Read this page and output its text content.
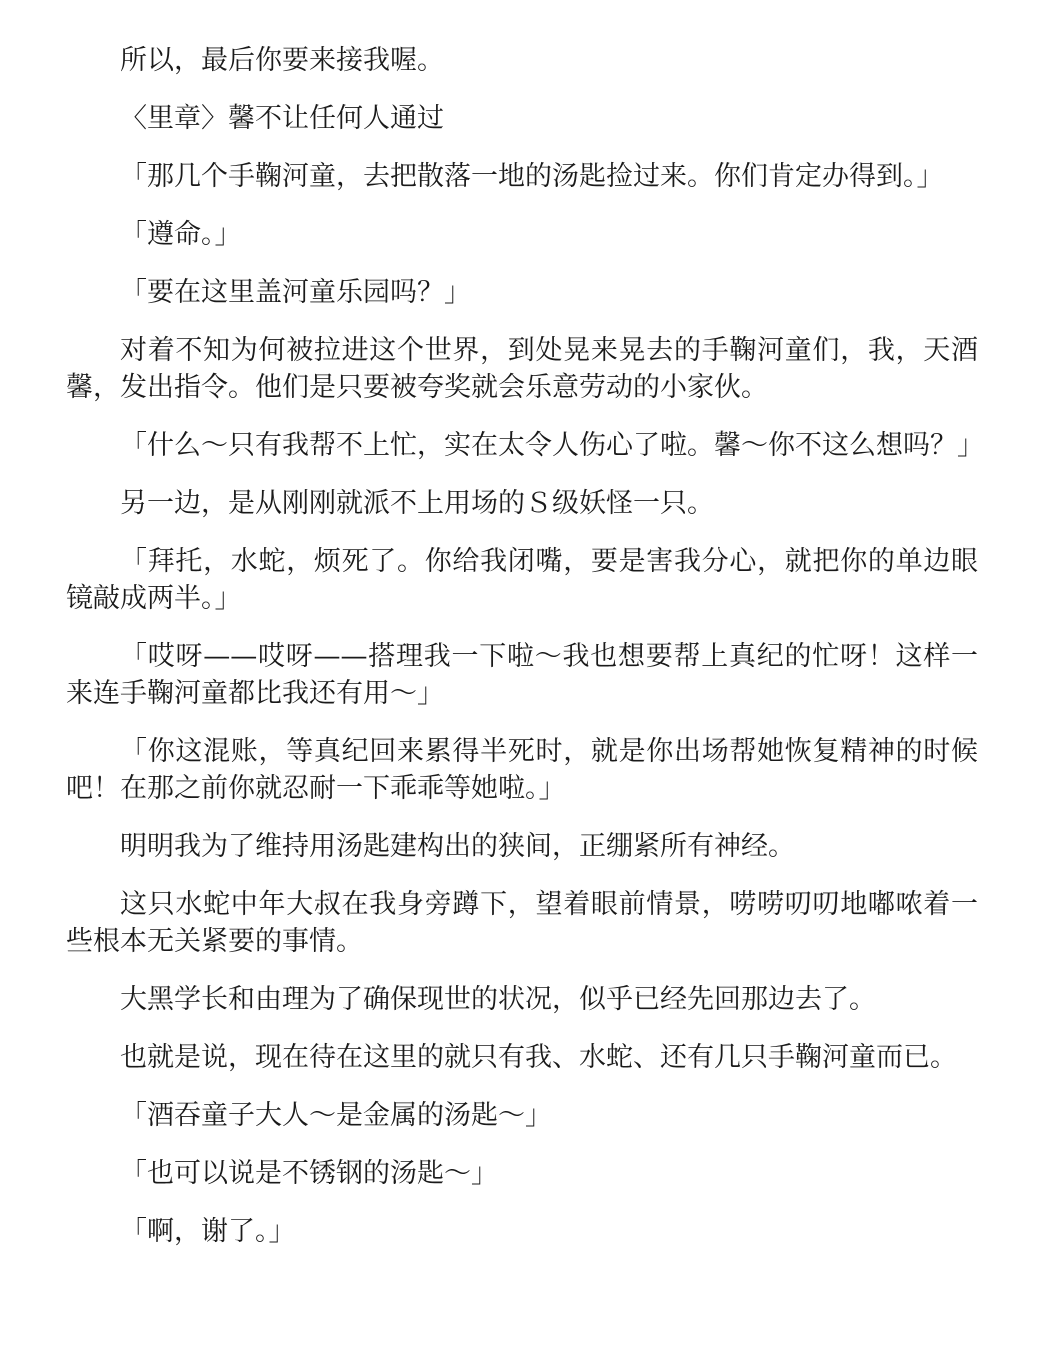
所以，最后你要来接我喔。

〈里章〉馨不让任何人通过

「那几个手鞠河童，去把散落一地的汤匙捡过来。你们肯定办得到。」

「遵命。」

「要在这里盖河童乐园吗？」

对着不知为何被拉进这个世界，到处晃来晃去的手鞠河童们，我，天酒馨，发出指令。他们是只要被夸奖就会乐意劳动的小家伙。

「什么～只有我帮不上忙，实在太令人伤心了啦。馨～你不这么想吗？」

另一边，是从刚刚就派不上用场的Ｓ级妖怪一只。

「拜托，水蛇，烦死了。你给我闭嘴，要是害我分心，就把你的单边眼镜敲成两半。」

「哎呀——哎呀——搭理我一下啦～我也想要帮上真纪的忙呀！这样一来连手鞠河童都比我还有用～」

「你这混账，等真纪回来累得半死时，就是你出场帮她恢复精神的时候吧！在那之前你就忍耐一下乖乖等她啦。」

明明我为了维持用汤匙建构出的狭间，正绷紧所有神经。

这只水蛇中年大叔在我身旁蹲下，望着眼前情景，唠唠叨叨地嘟哝着一些根本无关紧要的事情。

大黑学长和由理为了确保现世的状况，似乎已经先回那边去了。

也就是说，现在待在这里的就只有我、水蛇、还有几只手鞠河童而已。

「酒吞童子大人～是金属的汤匙～」

「也可以说是不锈钢的汤匙～」

「啊，谢了。」
